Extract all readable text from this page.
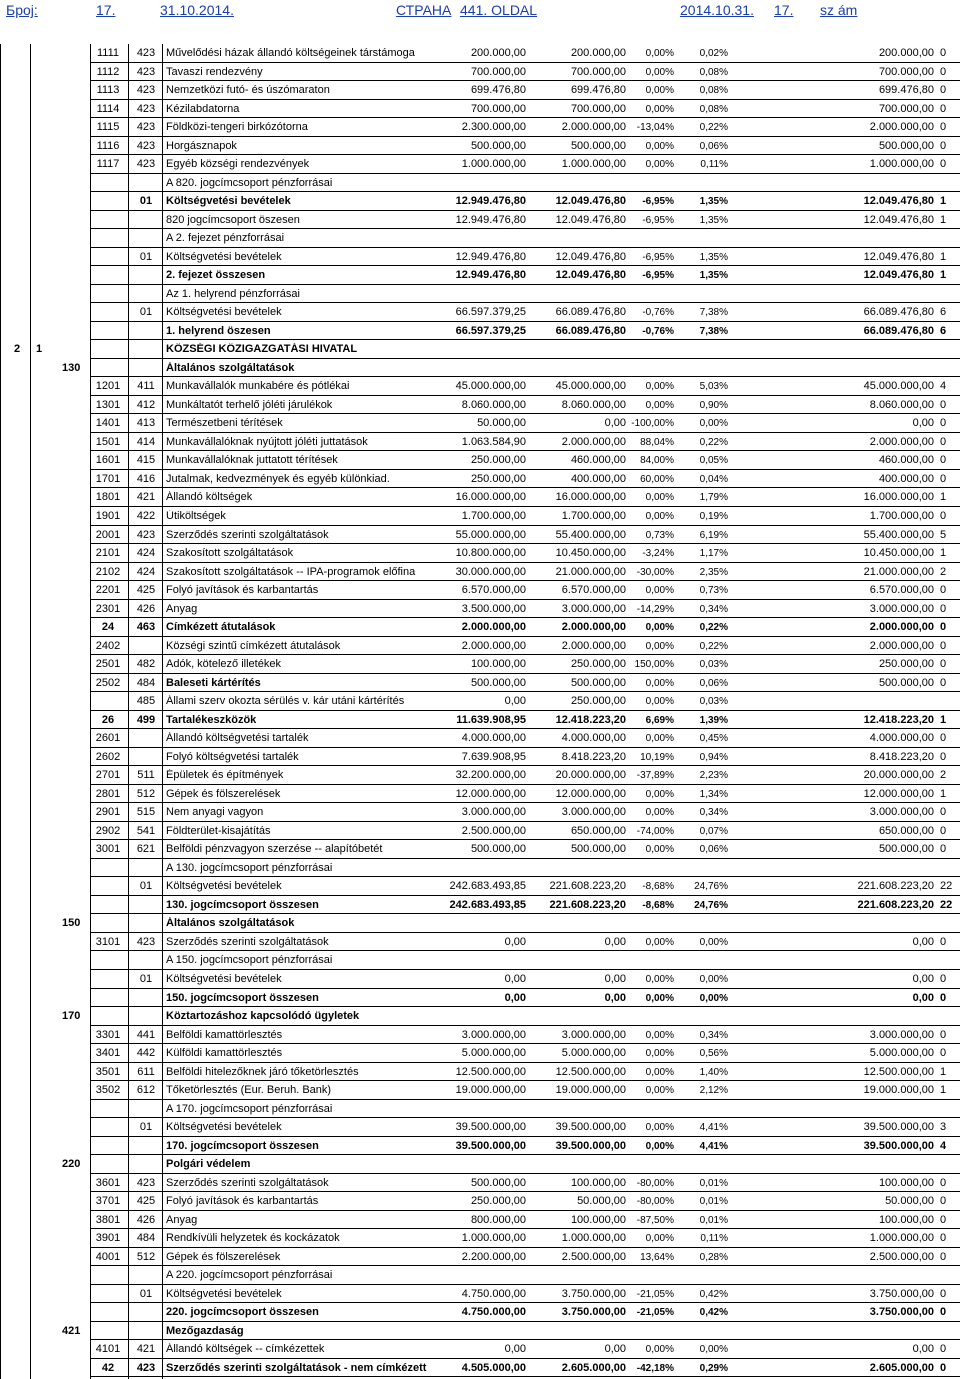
Број:	17.	31.10.2014.	СТРАНА 441. OLDAL	2014.10.31. 17. sz ám
1111	423 Művelődési házak állandó költségeinek társtámoga	200.000,00	200.000,00	0,00%	0,02%	200.000,00 0
1112	423 Tavaszi rendezvény	700.000,00	700.000,00	0,00%	0,08%	700.000,00 0
1113	423 Nemzetközi futó- és úszómaraton	699.476,80	699.476,80	0,00%	0,08%	699.476,80 0
1114	423 Kézilabdatorna	700.000,00	700.000,00	0,00%	0,08%	700.000,00 0
1115	423 Földközi-tengeri birkózótorna	2.300.000,00	2.000.000,00	-13,04%	0,22%	2.000.000,00 0
1116	423 Horgásznapok	500.000,00	500.000,00	0,00%	0,06%	500.000,00 0
1117	423 Egyéb községi rendezvények	1.000.000,00	1.000.000,00	0,00%	0,11%	1.000.000,00 0
A 820. jogcímcsoport pénzforrásai
01	Költségvetési bevételek	12.949.476,80	12.049.476,80	-6,95%	1,35%	12.049.476,80 1
820 jogcímcsoport öszesen	12.949.476,80	12.049.476,80	-6,95%	1,35%	12.049.476,80 1
A 2. fejezet pénzforrásai
01	Költségvetési bevételek	12.949.476,80	12.049.476,80	-6,95%	1,35%	12.049.476,80 1
2. fejezet összesen	12.949.476,80	12.049.476,80	-6,95%	1,35%	12.049.476,80 1
Az 1. helyrend pénzforrásai
01	Költségvetési bevételek	66.597.379,25	66.089.476,80	-0,76%	7,38%	66.089.476,80 6
1. helyrend öszesen	66.597.379,25	66.089.476,80	-0,76%	7,38%	66.089.476,80 6
2	1	KÖZSÉGI KÖZIGAZGATÁSI HIVATAL
130	Általános szolgáltatások
1201	411 Munkavállalók munkabére és pótlékai	45.000.000,00	45.000.000,00	0,00%	5,03%	45.000.000,00 4
1301	412 Munkáltatót terhelő jóléti járulékok	8.060.000,00	8.060.000,00	0,00%	0,90%	8.060.000,00 0
1401	413 Természetbeni térítések	50.000,00	0,00 -100,00%	0,00%	0,00 0
1501	414 Munkavállalóknak nyújtott jóléti juttatások	1.063.584,90	2.000.000,00	88,04%	0,22%	2.000.000,00 0
1601	415 Munkavállalóknak juttatott térítések	250.000,00	460.000,00	84,00%	0,05%	460.000,00 0
1701	416 Jutalmak, kedvezmények és egyéb különkiad.	250.000,00	400.000,00	60,00%	0,04%	400.000,00 0
1801	421 Állandó költségek	16.000.000,00	16.000.000,00	0,00%	1,79%	16.000.000,00 1
1901	422 Útiköltségek	1.700.000,00	1.700.000,00	0,00%	0,19%	1.700.000,00 0
2001	423 Szerződés szerinti szolgáltatások	55.000.000,00	55.400.000,00	0,73%	6,19%	55.400.000,00 5
2101	424 Szakosított szolgáltatások	10.800.000,00	10.450.000,00	-3,24%	1,17%	10.450.000,00 1
2102	424 Szakosított szolgáltatások -- IPA-programok előfina	30.000.000,00	21.000.000,00	-30,00%	2,35%	21.000.000,00 2
2201	425 Folyó javítások és karbantartás	6.570.000,00	6.570.000,00	0,00%	0,73%	6.570.000,00 0
2301	426 Anyag	3.500.000,00	3.000.000,00	-14,29%	0,34%	3.000.000,00 0
24	463 Címkézett átutalások	2.000.000,00	2.000.000,00	0,00%	0,22%	2.000.000,00 0
2402	Községi szintű címkézett átutalások	2.000.000,00	2.000.000,00	0,00%	0,22%	2.000.000,00 0
2501	482 Adók, kötelező illetékek	100.000,00	250.000,00 150,00%	0,03%	250.000,00 0
2502	484 Baleseti kártérítés	500.000,00	500.000,00	0,00%	0,06%	500.000,00 0
485 Állami szerv okozta sérülés v. kár utáni kártérítés	0,00	250.000,00	0,00%	0,03%
26	499 Tartalékeszközök	11.639.908,95	12.418.223,20	6,69%	1,39%	12.418.223,20 1
2601	Állandó költségvetési tartalék	4.000.000,00	4.000.000,00	0,00%	0,45%	4.000.000,00 0
2602	Folyó költségvetési tartalék	7.639.908,95	8.418.223,20	10,19%	0,94%	8.418.223,20 0
2701	511 Épületek és építmények	32.200.000,00	20.000.000,00	-37,89%	2,23%	20.000.000,00 2
2801	512 Gépek és fölszerelések	12.000.000,00	12.000.000,00	0,00%	1,34%	12.000.000,00 1
2901	515 Nem anyagi vagyon	3.000.000,00	3.000.000,00	0,00%	0,34%	3.000.000,00 0
2902	541 Földterület-kisajátítás	2.500.000,00	650.000,00	-74,00%	0,07%	650.000,00 0
3001	621 Belföldi pénzvagyon szerzése -- alapítóbetét	500.000,00	500.000,00	0,00%	0,06%	500.000,00 0
A 130. jogcímcsoport pénzforrásai
01	Költségvetési bevételek	242.683.493,85	221.608.223,20	-8,68%	24,76%	221.608.223,20 22
130. jogcímcsoport összesen	242.683.493,85	221.608.223,20	-8,68%	24,76%	221.608.223,20 22
150	Általános szolgáltatások
3101	423 Szerződés szerinti szolgáltatások	0,00	0,00	0,00%	0,00%	0,00 0
A 150. jogcímcsoport pénzforrásai
01	Költségvetési bevételek	0,00	0,00	0,00%	0,00%	0,00 0
150. jogcímcsoport összesen	0,00	0,00	0,00%	0,00%	0,00 0
170	Köztartozáshoz kapcsolódó ügyletek
3301	441 Belföldi kamattörlesztés	3.000.000,00	3.000.000,00	0,00%	0,34%	3.000.000,00 0
3401	442 Külföldi kamattörlesztés	5.000.000,00	5.000.000,00	0,00%	0,56%	5.000.000,00 0
3501	611 Belföldi hitelezőknek járó tőketörlesztés	12.500.000,00	12.500.000,00	0,00%	1,40%	12.500.000,00 1
3502	612 Tőketörlesztés (Eur. Beruh. Bank)	19.000.000,00	19.000.000,00	0,00%	2,12%	19.000.000,00 1
A 170. jogcímcsoport pénzforrásai
01	Költségvetési bevételek	39.500.000,00	39.500.000,00	0,00%	4,41%	39.500.000,00 3
170. jogcímcsoport összesen	39.500.000,00	39.500.000,00	0,00%	4,41%	39.500.000,00 4
220	Polgári védelem
3601	423 Szerződés szerinti szolgáltatások	500.000,00	100.000,00	-80,00%	0,01%	100.000,00 0
3701	425 Folyó javítások és karbantartás	250.000,00	50.000,00	-80,00%	0,01%	50.000,00 0
3801	426 Anyag	800.000,00	100.000,00	-87,50%	0,01%	100.000,00 0
3901	484 Rendkívüli helyzetek és kockázatok	1.000.000,00	1.000.000,00	0,00%	0,11%	1.000.000,00 0
4001	512 Gépek és fölszerelések	2.200.000,00	2.500.000,00	13,64%	0,28%	2.500.000,00 0
A 220. jogcímcsoport pénzforrásai
01	Költségvetési bevételek	4.750.000,00	3.750.000,00	-21,05%	0,42%	3.750.000,00 0
220. jogcímcsoport összesen	4.750.000,00	3.750.000,00	-21,05%	0,42%	3.750.000,00 0
421	Mezőgazdaság
4101	421 Állandó költségek -- címkézettek	0,00	0,00	0,00%	0,00%	0,00 0
42	423 Szerződés szerinti szolgáltatások - nem címkézett	4.505.000,00	2.605.000,00	-42,18%	0,29%	2.605.000,00 0
